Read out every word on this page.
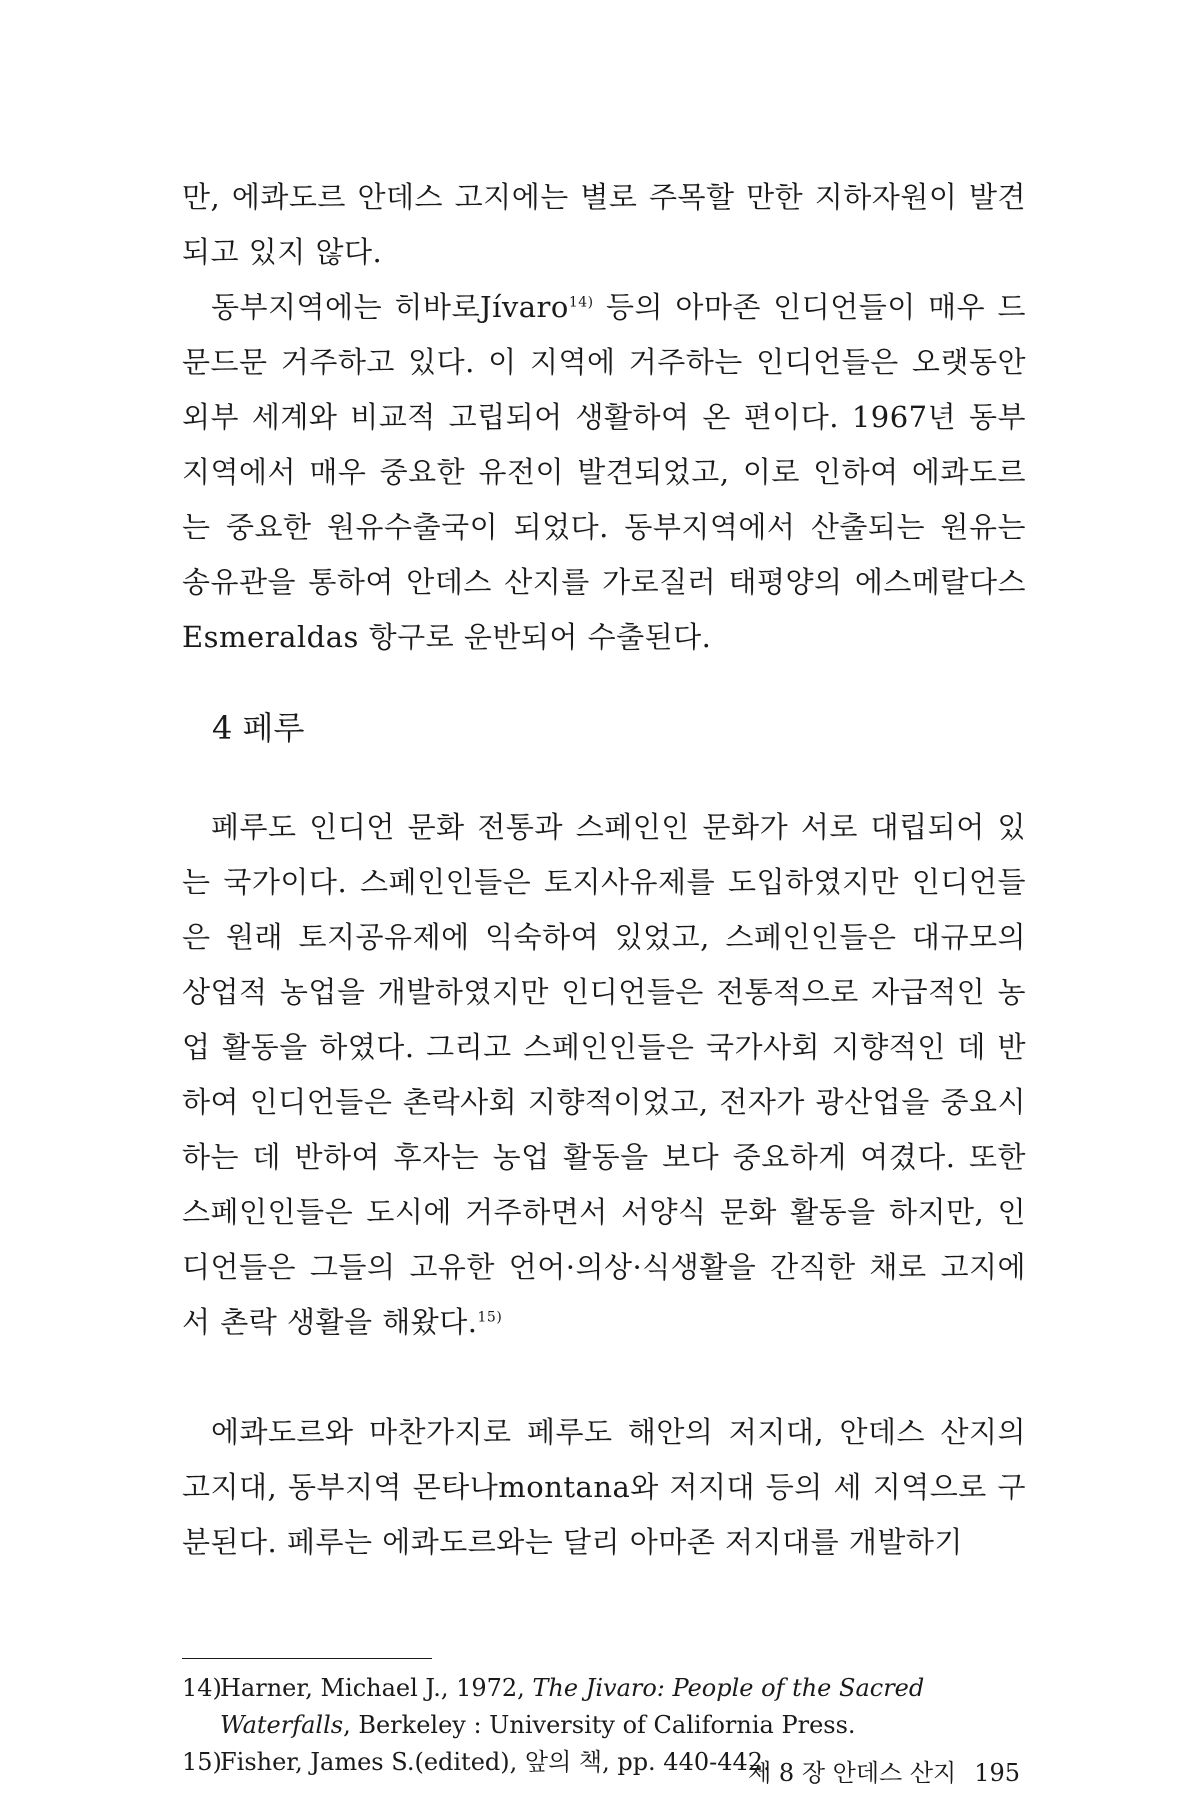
만, 에콰도르 안데스 고지에는 별로 주목할 만한 지하자원이 발견되고 있지 않다.

동부지역에는 히바로Jívaro$^{14)}$ 등의 아마존 인디언들이 매우 드문드문 거주하고 있다. 이 지역에 거주하는 인디언들은 오랫동안 외부 세계와 비교적 고립되어 생활하여 온 편이다. 1967년 동부지역에서 매우 중요한 유전이 발견되었고, 이로 인하여 에콰도르는 중요한 원유수출국이 되었다. 동부지역에서 산출되는 원유는 송유관을 통하여 안데스 산지를 가로질러 태평양의 에스메랄다스 Esmeraldas 항구로 운반되어 수출된다.

4 페루

페루도 인디언 문화 전통과 스페인인 문화가 서로 대립되어 있는 국가이다. 스페인인들은 토지사유제를 도입하였지만 인디언들은 원래 토지공유제에 익숙하여 있었고, 스페인인들은 대규모의 상업적 농업을 개발하였지만 인디언들은 전통적으로 자급적인 농업 활동을 하였다. 그리고 스페인인들은 국가사회 지향적인 데 반하여 인디언들은 촌락사회 지향적이었고, 전자가 광산업을 중요시하는 데 반하여 후자는 농업 활동을 보다 중요하게 여겼다. 또한 스페인인들은 도시에 거주하면서 서양식 문화 활동을 하지만, 인디언들은 그들의 고유한 언어·의상·식생활을 간직한 채로 고지에서 촌락 생활을 해왔다.$^{15)}$

에콰도르와 마찬가지로 페루도 해안의 저지대, 안데스 산지의 고지대, 동부지역 몬타나montana와 저지대 등의 세 지역으로 구분된다. 페루는 에콰도르와는 달리 아마존 저지대를 개발하기

14)Harner, Michael J., 1972, The Jivaro: People of the Sacred Waterfalls, Berkeley : University of California Press.

15)Fisher, James S.(edited), 앞의 책, pp. 440-442.

제 8 장 안데스 산지 195
